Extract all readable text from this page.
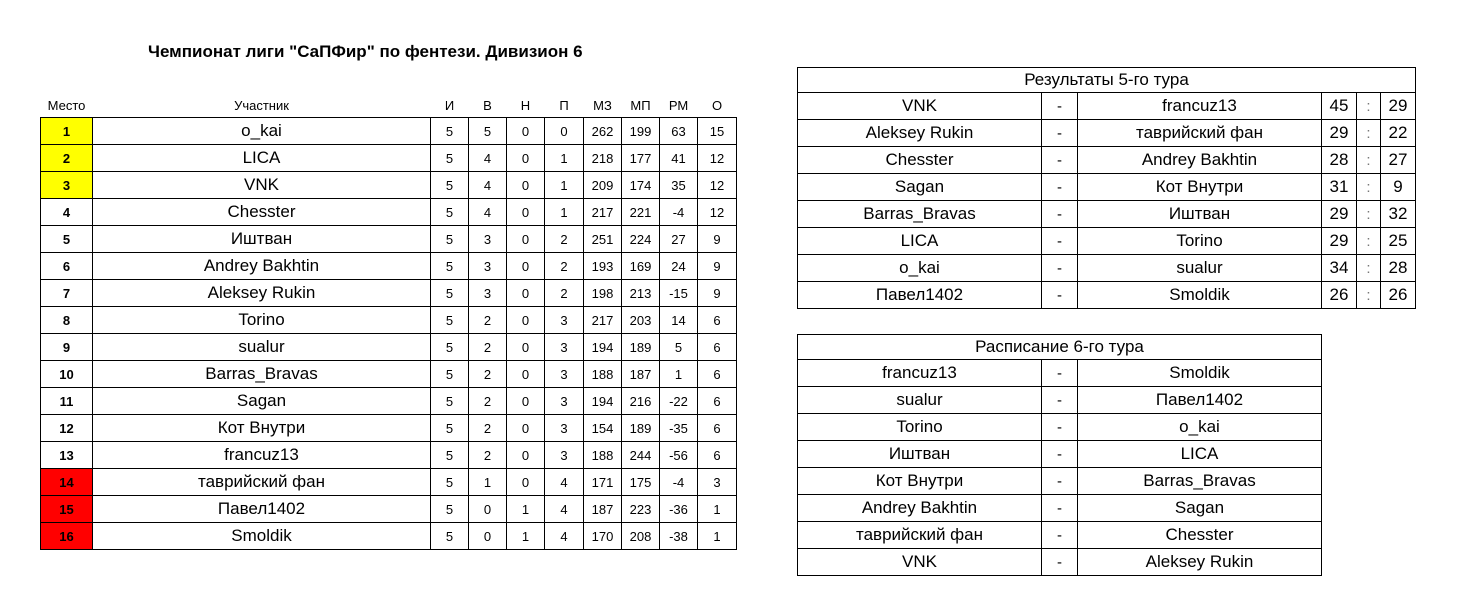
Чемпионат лиги "СаПФир" по фентези. Дивизион 6
Место	Участник	И	В	Н	П	МЗ	МП	РМ	О
1	o_kai	5	5	0	0	262	199	63	15
2	LICA	5	4	0	1	218	177	41	12
3	VNK	5	4	0	1	209	174	35	12
4	Chesster	5	4	0	1	217	221	-4	12
5	Иштван	5	3	0	2	251	224	27	9
6	Andrey Bakhtin	5	3	0	2	193	169	24	9
7	Aleksey Rukin	5	3	0	2	198	213	-15	9
8	Torino	5	2	0	3	217	203	14	6
9	sualur	5	2	0	3	194	189	5	6
10	Barras_Bravas	5	2	0	3	188	187	1	6
11	Sagan	5	2	0	3	194	216	-22	6
12	Кот Внутри	5	2	0	3	154	189	-35	6
13	francuz13	5	2	0	3	188	244	-56	6
14	таврийский фан	5	1	0	4	171	175	-4	3
15	Павел1402	5	0	1	4	187	223	-36	1
16	Smoldik	5	0	1	4	170	208	-38	1
Результаты 5-го тура					
VNK	-	francuz13	45	:	29
Aleksey Rukin	-	таврийский фан	29	:	22
Chesster	-	Andrey Bakhtin	28	:	27
Sagan	-	Кот Внутри	31	:	9
Barras_Bravas	-	Иштван	29	:	32
LICA	-	Torino	29	:	25
o_kai	-	sualur	34	:	28
Павел1402	-	Smoldik	26	:	26
Расписание 6-го тура		
francuz13	-	Smoldik
sualur	-	Павел1402
Torino	-	o_kai
Иштван	-	LICA
Кот Внутри	-	Barras_Bravas
Andrey Bakhtin	-	Sagan
таврийский фан	-	Chesster
VNK	-	Aleksey Rukin
